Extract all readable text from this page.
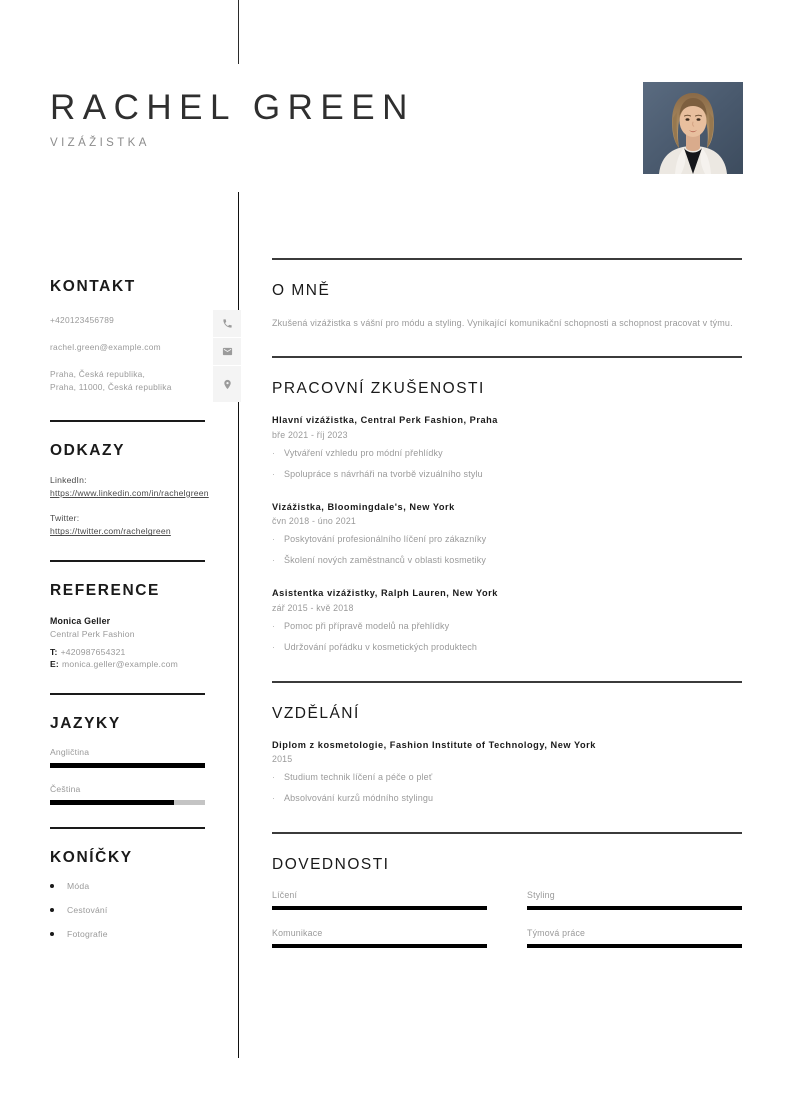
RACHEL GREEN
VIZÁŽISTKA
KONTAKT
+420123456789
rachel.green@example.com
Praha, Česká republika,
Praha, 11000, Česká republika
ODKAZY
LinkedIn:
https://www.linkedin.com/in/rachelgreen
Twitter:
https://twitter.com/rachelgreen
REFERENCE
Monica Geller
Central Perk Fashion
T: +420987654321
E: monica.geller@example.com
JAZYKY
Angličtina
Čeština
KONÍČKY
Móda
Cestování
Fotografie
O MNĚ
Zkušená vizážistka s vášní pro módu a styling. Vynikající komunikační schopnosti a schopnost pracovat v týmu.
PRACOVNÍ ZKUŠENOSTI
Hlavní vizážistka, Central Perk Fashion, Praha
bře 2021 - říj 2023
·	Vytváření vzhledu pro módní přehlídky
·	Spolupráce s návrháři na tvorbě vizuálního stylu
Vizážistka, Bloomingdale's, New York
čvn 2018 - úno 2021
·	Poskytování profesionálního líčení pro zákazníky
·	Školení nových zaměstnanců v oblasti kosmetiky
Asistentka vizážistky, Ralph Lauren, New York
zář 2015 - kvě 2018
·	Pomoc při přípravě modelů na přehlídky
·	Udržování pořádku v kosmetických produktech
VZDĚLÁNÍ
Diplom z kosmetologie, Fashion Institute of Technology, New York
2015
·	Studium technik líčení a péče o pleť
·	Absolvování kurzů módního stylingu
DOVEDNOSTI
Líčení	Styling
Komunikace	Týmová práce
